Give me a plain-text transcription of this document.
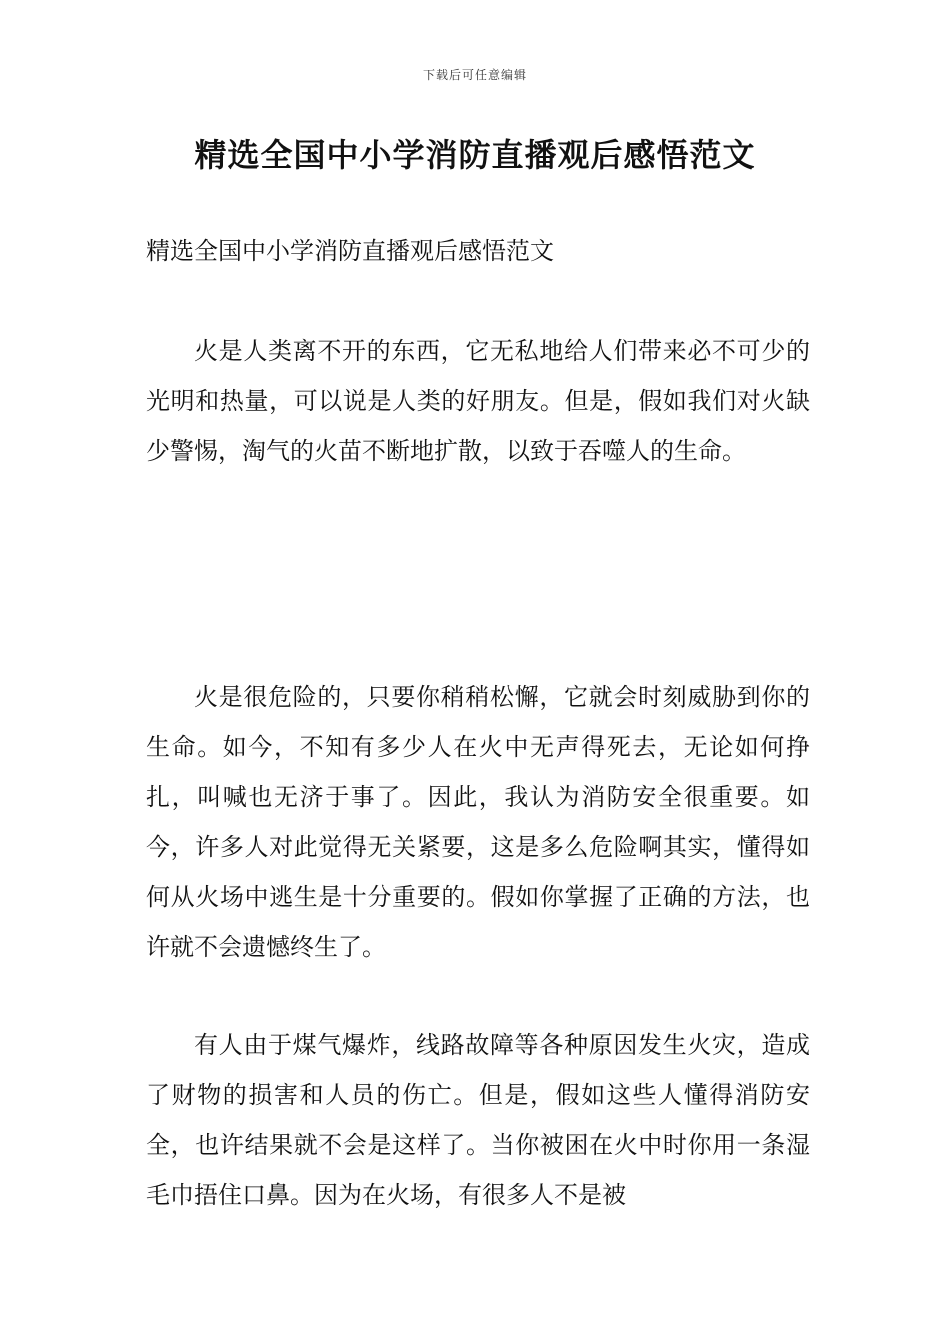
下载后可任意编辑
精选全国中小学消防直播观后感悟范文
精选全国中小学消防直播观后感悟范文

火是人类离不开的东西，它无私地给人们带来必不可少的光明和热量，可以说是人类的好朋友。但是，假如我们对火缺少警惕，淘气的火苗不断地扩散，以致于吞噬人的生命。

火是很危险的，只要你稍稍松懈，它就会时刻威胁到你的生命。如今，不知有多少人在火中无声得死去，无论如何挣扎，叫喊也无济于事了。因此，我认为消防安全很重要。如今，许多人对此觉得无关紧要，这是多么危险啊其实，懂得如何从火场中逃生是十分重要的。假如你掌握了正确的方法，也许就不会遗憾终生了。

有人由于煤气爆炸，线路故障等各种原因发生火灾，造成了财物的损害和人员的伤亡。但是，假如这些人懂得消防安全，也许结果就不会是这样了。当你被困在火中时你用一条湿毛巾捂住口鼻。因为在火场，有很多人不是被
